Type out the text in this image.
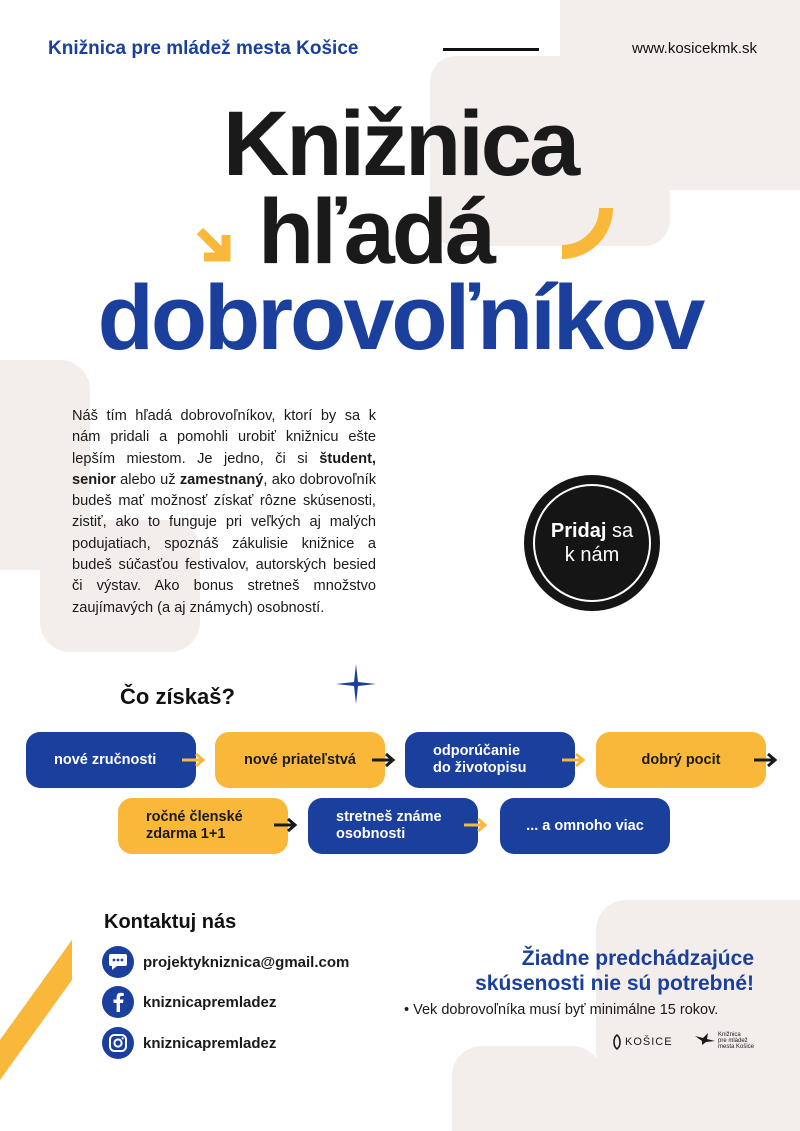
Knižnica pre mládež mesta Košice	www.kosicekmk.sk
Knižnica
hľadá
dobrovoľníkov
Náš tím hľadá dobrovoľníkov, ktorí by sa k nám pridali a pomohli urobiť knižnicu ešte lepším miestom. Je jedno, či si študent, senior alebo už zamestnaný, ako dobrovoľník budeš mať možnosť získať rôzne skúsenosti, zistiť, ako to funguje pri veľkých aj malých podujatiach, spoznáš zákulisie knižnice a budeš súčasťou festivalov, autorských besied či výstav. Ako bonus stretneš množstvo zaujímavých (a aj známych) osobností.
Pridaj sa
k nám
Čo získaš?
nové zručnosti	nové priateľstvá
odporúčanie
do životopisu
dobrý pocit
ročné členské
zdarma 1+1
stretneš známe
osobnosti
... a omnoho viac
Kontaktuj nás
projektykniznica@gmail.com
kniznicapremladez
kniznicapremladez
Žiadne predchádzajúce
skúsenosti nie sú potrebné!
• Vek dobrovoľníka musí byť minimálne 15 rokov.
KOŠICE
Knižnica
pre mládež
mesta Košice
